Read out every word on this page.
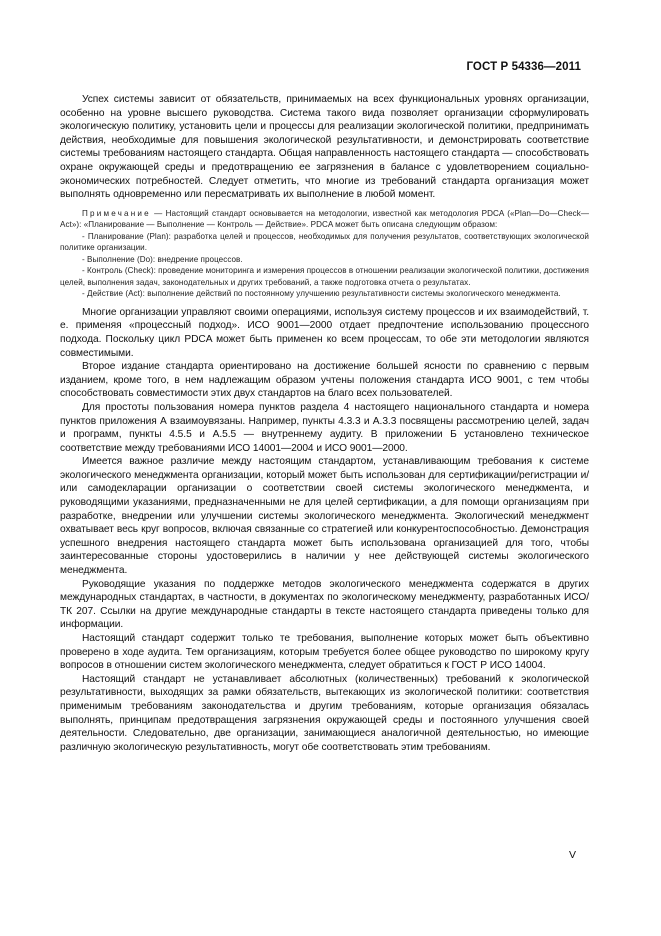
ГОСТ Р 54336—2011

Успех системы зависит от обязательств, принимаемых на всех функциональных уровнях организации, особенно на уровне высшего руководства. Система такого вида позволяет организации сформулировать экологическую политику, установить цели и процессы для реализации экологической политики, предпринимать действия, необходимые для повышения экологической результативности, и демонстрировать соответствие системы требованиям настоящего стандарта. Общая направленность настоящего стандарта — способствовать охране окружающей среды и предотвращению ее загрязнения в балансе с удовлетворением социально-экономических потребностей. Следует отметить, что многие из требований стандарта организация может выполнять одновременно или пересматривать их выполнение в любой момент.

Примечание — Настоящий стандарт основывается на методологии, известной как методология PDCA («Plan—Do—Check—Act»): «Планирование — Выполнение — Контроль — Действие». PDCA может быть описана следующим образом:

- Планирование (Plan): разработка целей и процессов, необходимых для получения результатов, соответствующих экологической политике организации.

- Выполнение (Do): внедрение процессов.

- Контроль (Check): проведение мониторинга и измерения процессов в отношении реализации экологической политики, достижения целей, выполнения задач, законодательных и других требований, а также подготовка отчета о результатах.

- Действие (Act): выполнение действий по постоянному улучшению результативности системы экологического менеджмента.

Многие организации управляют своими операциями, используя систему процессов и их взаимодействий, т. е. применяя «процессный подход». ИСО 9001—2000 отдает предпочтение использованию процессного подхода. Поскольку цикл PDCA может быть применен ко всем процессам, то обе эти методологии являются совместимыми.

Второе издание стандарта ориентировано на достижение большей ясности по сравнению с первым изданием, кроме того, в нем надлежащим образом учтены положения стандарта ИСО 9001, с тем чтобы способствовать совместимости этих двух стандартов на благо всех пользователей.

Для простоты пользования номера пунктов раздела 4 настоящего национального стандарта и номера пунктов приложения А взаимоувязаны. Например, пункты 4.3.3 и А.3.3 посвящены рассмотрению целей, задач и программ, пункты 4.5.5 и А.5.5 — внутреннему аудиту. В приложении Б установлено техническое соответствие между требованиями ИСО 14001—2004 и ИСО 9001—2000.

Имеется важное различие между настоящим стандартом, устанавливающим требования к системе экологического менеджмента организации, который может быть использован для сертификации/регистрации и/или самодекларации организации о соответствии своей системы экологического менеджмента, и руководящими указаниями, предназначенными не для целей сертификации, а для помощи организациям при разработке, внедрении или улучшении системы экологического менеджмента. Экологический менеджмент охватывает весь круг вопросов, включая связанные со стратегией или конкурентоспособностью. Демонстрация успешного внедрения настоящего стандарта может быть использована организацией для того, чтобы заинтересованные стороны удостоверились в наличии у нее действующей системы экологического менеджмента.

Руководящие указания по поддержке методов экологического менеджмента содержатся в других международных стандартах, в частности, в документах по экологическому менеджменту, разработанных ИСО/ТК 207. Ссылки на другие международные стандарты в тексте настоящего стандарта приведены только для информации.

Настоящий стандарт содержит только те требования, выполнение которых может быть объективно проверено в ходе аудита. Тем организациям, которым требуется более общее руководство по широкому кругу вопросов в отношении систем экологического менеджмента, следует обратиться к ГОСТ Р ИСО 14004.

Настоящий стандарт не устанавливает абсолютных (количественных) требований к экологической результативности, выходящих за рамки обязательств, вытекающих из экологической политики: соответствия применимым требованиям законодательства и другим требованиям, которые организация обязалась выполнять, принципам предотвращения загрязнения окружающей среды и постоянного улучшения своей деятельности. Следовательно, две организации, занимающиеся аналогичной деятельностью, но имеющие различную экологическую результативность, могут обе соответствовать этим требованиям.

V
